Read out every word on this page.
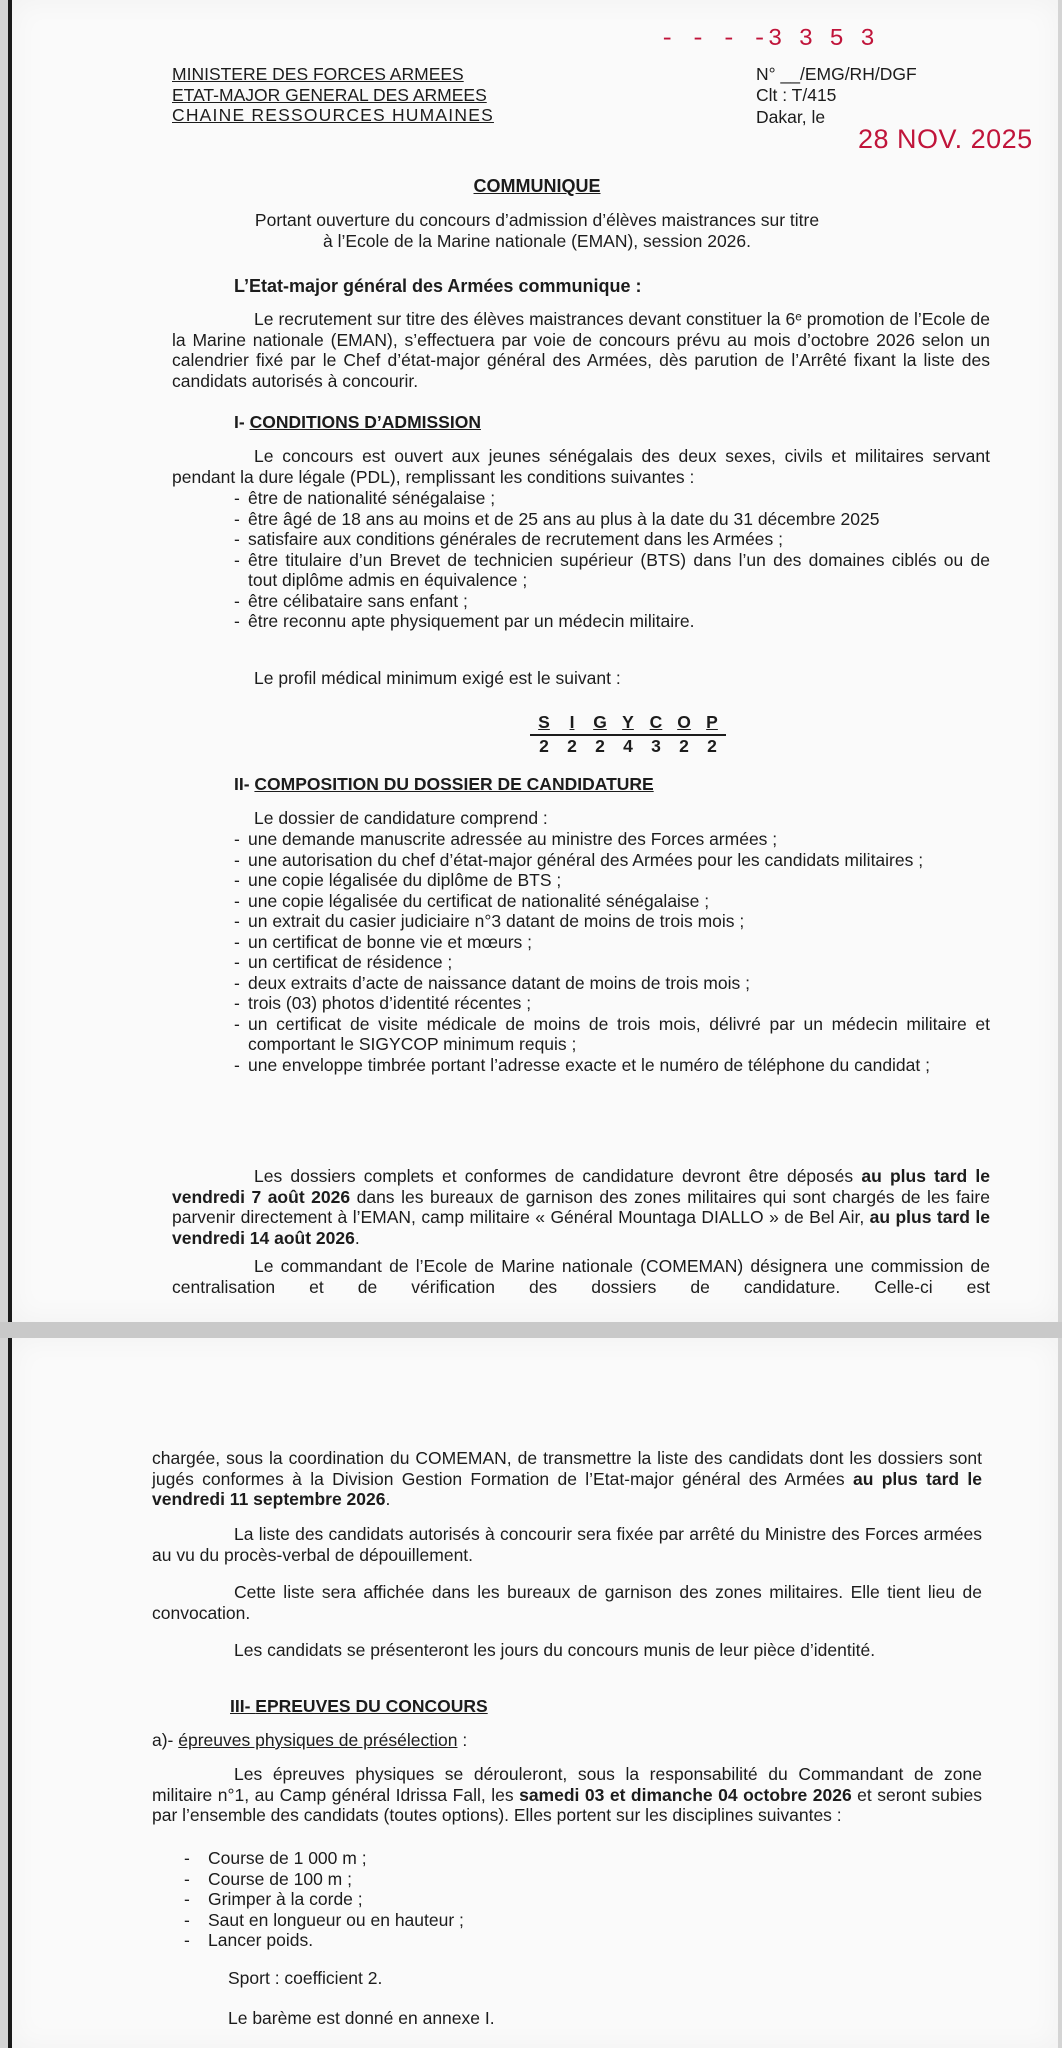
MINISTERE DES FORCES ARMEES
ETAT-MAJOR GENERAL DES ARMEES
CHAINE RESSOURCES HUMAINES
- - - -3 3 5 3
N° __/EMG/RH/DGF
Clt : T/415
Dakar, le
28 NOV. 2025
COMMUNIQUE
Portant ouverture du concours d’admission d’élèves maistrances sur titre
à l’Ecole de la Marine nationale (EMAN), session 2026.
L’Etat-major général des Armées communique :
Le recrutement sur titre des élèves maistrances devant constituer la 6ᵉ promotion de l’Ecole de la Marine nationale (EMAN), s’effectuera par voie de concours prévu au mois d’octobre 2026 selon un calendrier fixé par le Chef d’état-major général des Armées, dès parution de l’Arrêté fixant la liste des candidats autorisés à concourir.
I- CONDITIONS D’ADMISSION
Le concours est ouvert aux jeunes sénégalais des deux sexes, civils et militaires servant pendant la dure légale (PDL), remplissant les conditions suivantes :
- être de nationalité sénégalaise ;
- être âgé de 18 ans au moins et de 25 ans au plus à la date du 31 décembre 2025
- satisfaire aux conditions générales de recrutement dans les Armées ;
- être titulaire d’un Brevet de technicien supérieur (BTS) dans l’un des domaines ciblés ou de tout diplôme admis en équivalence ;
- être célibataire sans enfant ;
- être reconnu apte physiquement par un médecin militaire.
Le profil médical minimum exigé est le suivant :
S I G Y C O P
2 2 2 4 3 2 2
II- COMPOSITION DU DOSSIER DE CANDIDATURE
Le dossier de candidature comprend :
- une demande manuscrite adressée au ministre des Forces armées ;
- une autorisation du chef d’état-major général des Armées pour les candidats militaires ;
- une copie légalisée du diplôme de BTS ;
- une copie légalisée du certificat de nationalité sénégalaise ;
- un extrait du casier judiciaire n°3 datant de moins de trois mois ;
- un certificat de bonne vie et mœurs ;
- un certificat de résidence ;
- deux extraits d’acte de naissance datant de moins de trois mois ;
- trois (03) photos d’identité récentes ;
- un certificat de visite médicale de moins de trois mois, délivré par un médecin militaire et comportant le SIGYCOP minimum requis ;
- une enveloppe timbrée portant l’adresse exacte et le numéro de téléphone du candidat ;
Les dossiers complets et conformes de candidature devront être déposés au plus tard le vendredi 7 août 2026 dans les bureaux de garnison des zones militaires qui sont chargés de les faire parvenir directement à l’EMAN, camp militaire « Général Mountaga DIALLO » de Bel Air, au plus tard le vendredi 14 août 2026.
Le commandant de l’Ecole de Marine nationale (COMEMAN) désignera une commission de centralisation et de vérification des dossiers de candidature. Celle-ci est
chargée, sous la coordination du COMEMAN, de transmettre la liste des candidats dont les dossiers sont jugés conformes à la Division Gestion Formation de l’Etat-major général des Armées au plus tard le vendredi 11 septembre 2026.
La liste des candidats autorisés à concourir sera fixée par arrêté du Ministre des Forces armées au vu du procès-verbal de dépouillement.
Cette liste sera affichée dans les bureaux de garnison des zones militaires. Elle tient lieu de convocation.
Les candidats se présenteront les jours du concours munis de leur pièce d’identité.
III- EPREUVES DU CONCOURS
a)- épreuves physiques de présélection :
Les épreuves physiques se dérouleront, sous la responsabilité du Commandant de zone militaire n°1, au Camp général Idrissa Fall, les samedi 03 et dimanche 04 octobre 2026 et seront subies par l’ensemble des candidats (toutes options). Elles portent sur les disciplines suivantes :
- Course de 1 000 m ;
- Course de 100 m ;
- Grimper à la corde ;
- Saut en longueur ou en hauteur ;
- Lancer poids.
Sport : coefficient 2.
Le barème est donné en annexe I.
